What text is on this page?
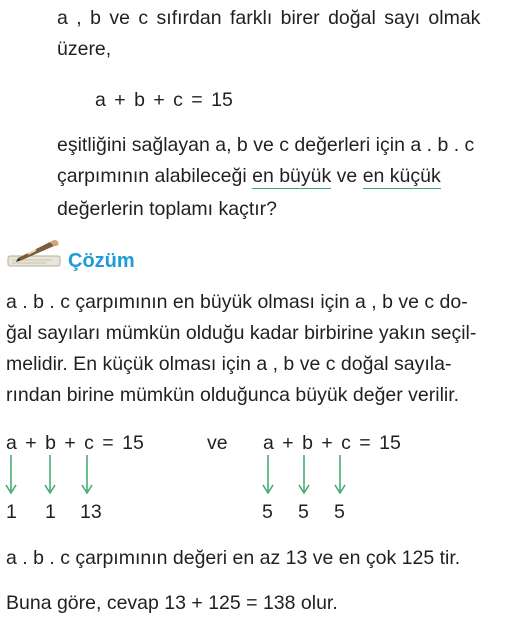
a , b ve c sıfırdan farklı birer doğal sayı olmak
üzere,
a + b + c = 15
eşitliğini sağlayan a, b ve c değerleri için a . b . c
çarpımının alabileceği en büyük ve en küçük
değerlerin toplamı kaçtır?
Çözüm
a . b . c çarpımının en büyük olması için a , b ve c do-
ğal sayıları mümkün olduğu kadar birbirine yakın seçil-
melidir. En küçük olması için a , b ve c doğal sayıla-
rından birine mümkün olduğunca büyük değer verilir.
a + b + c = 15	ve a + b + c = 15
1 1 13	5 5 5
a . b . c çarpımının değeri en az 13 ve en çok 125 tir.
Buna göre, cevap 13 + 125 = 138 olur.
